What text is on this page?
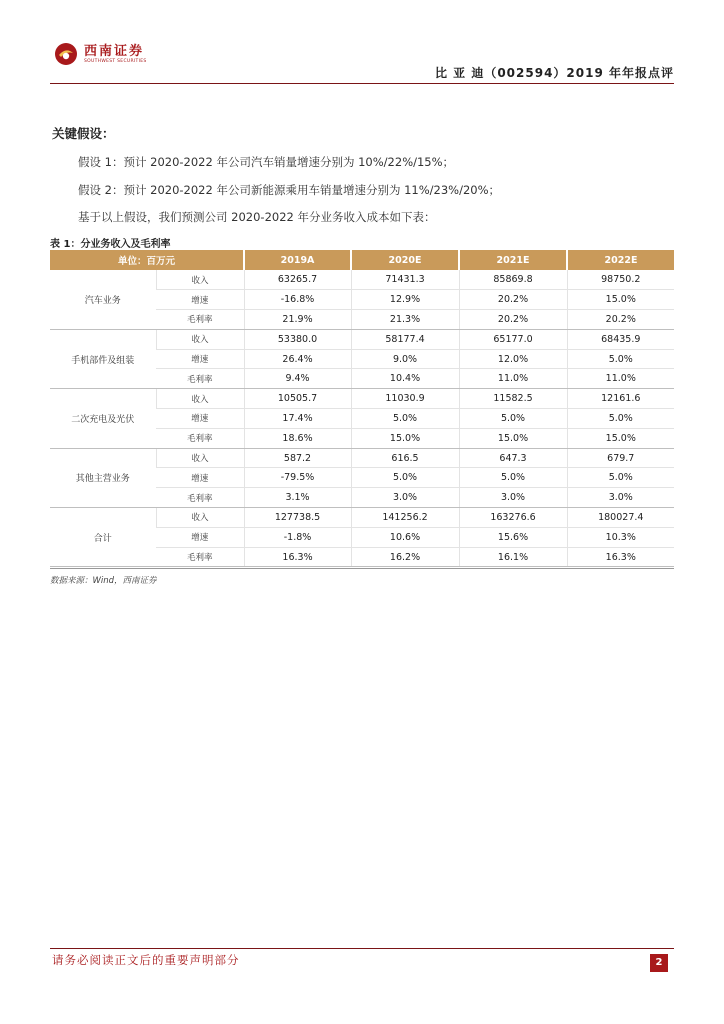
西南证券
SOUTHWEST SECURITIES
比 亚 迪（002594）2019 年年报点评
关键假设：
假设 1：预计 2020-2022 年公司汽车销量增速分别为 10%/22%/15%；
假设 2：预计 2020-2022 年公司新能源乘用车销量增速分别为 11%/23%/20%；
基于以上假设，我们预测公司 2020-2022 年分业务收入成本如下表：
表 1：分业务收入及毛利率
单位：百万元		2019A	2020E	2021E	2022E
汽车业务	收入	63265.7	71431.3	85869.8	98750.2
	增速	-16.8%	12.9%	20.2%	15.0%
	毛利率	21.9%	21.3%	20.2%	20.2%
手机部件及组装	收入	53380.0	58177.4	65177.0	68435.9
	增速	26.4%	9.0%	12.0%	5.0%
	毛利率	9.4%	10.4%	11.0%	11.0%
二次充电及光伏	收入	10505.7	11030.9	11582.5	12161.6
	增速	17.4%	5.0%	5.0%	5.0%
	毛利率	18.6%	15.0%	15.0%	15.0%
其他主营业务	收入	587.2	616.5	647.3	679.7
	增速	-79.5%	5.0%	5.0%	5.0%
	毛利率	3.1%	3.0%	3.0%	3.0%
合计	收入	127738.5	141256.2	163276.6	180027.4
	增速	-1.8%	10.6%	15.6%	10.3%
	毛利率	16.3%	16.2%	16.1%	16.3%
数据来源：Wind，西南证券
请务必阅读正文后的重要声明部分	2
